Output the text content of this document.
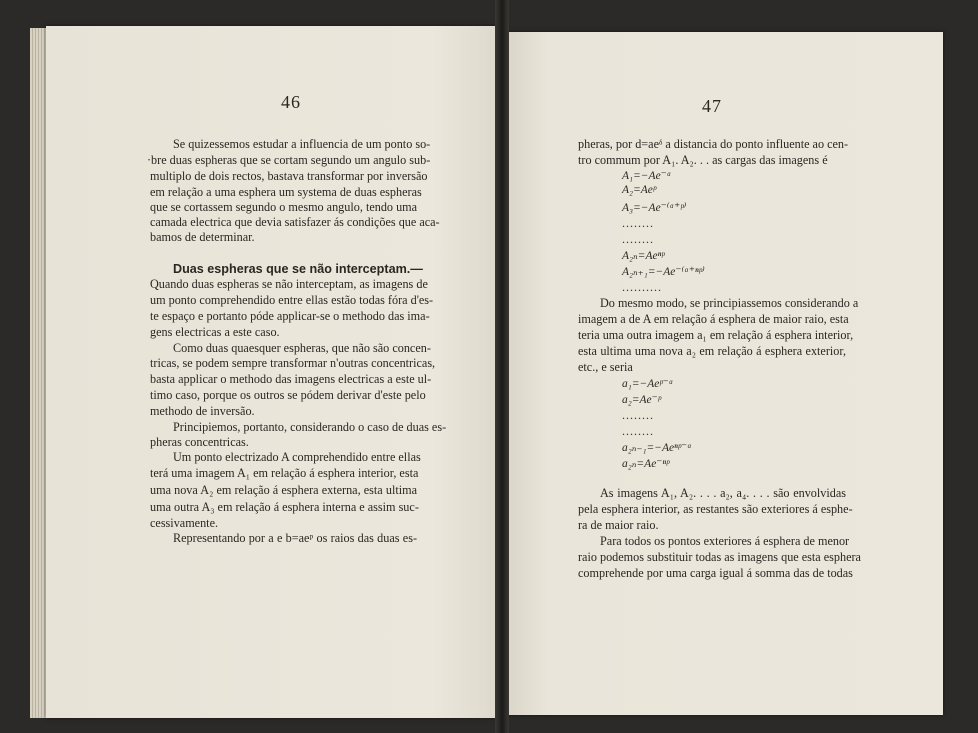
46
Se quizessemos estudar a influencia de um ponto so-
·bre duas espheras que se cortam segundo um angulo sub-
multiplo de dois rectos, bastava transformar por inversão
em relação a uma esphera um systema de duas espheras
que se cortassem segundo o mesmo angulo, tendo uma
camada electrica que devia satisfazer ás condições que aca-
bamos de determinar.
Duas espheras que se não interceptam.—
Quando duas espheras se não interceptam, as imagens de
um ponto comprehendido entre ellas estão todas fóra d'es-
te espaço e portanto póde applicar-se o methodo das ima-
gens electricas a este caso.
Como duas quaesquer espheras, que não são concen-
tricas, se podem sempre transformar n'outras concentricas,
basta applicar o methodo das imagens electricas a este ul-
timo caso, porque os outros se pódem derivar d'este pelo
methodo de inversão.
Principiemos, portanto, considerando o caso de duas es-
pheras concentricas.
Um ponto electrizado A comprehendido entre ellas
terá uma imagem A₁ em relação á esphera interior, esta
uma nova A₂ em relação á esphera externa, esta ultima
uma outra A₃ em relação á esphera interna e assim suc-
cessivamente.
Representando por a e b=aeᵖ os raios das duas es-
47
pheras, por d=aeᵟ a distancia do ponto influente ao cen-
tro commum por A₁. A₂. . . as cargas das imagens é
A₁=−Ae⁻ᵅ
A₂=Aeᵖ
A₃=−Ae⁻⁽ᵅ⁺ᵖ⁾
........
........
A₂ₙ=Aeⁿᵖ
A₂ₙ₊₁=−Ae⁻⁽ᵅ⁺ⁿᵖ⁾
..........
Do mesmo modo, se principiassemos considerando a
imagem a de A em relação á esphera de maior raio, esta
teria uma outra imagem a₁ em relação á esphera interior,
esta ultima uma nova a₂ em relação á esphera exterior,
etc., e seria
a₁=−Aeᵖ⁻ᵅ
a₂=Ae⁻ᵖ
........
........
a₂ₙ₋₁=−Aeⁿᵖ⁻ᵅ
a₂ₙ=Ae⁻ⁿᵖ
As imagens A₁, A₂. . . . a₂, a₄. . . . são envolvidas
pela esphera interior, as restantes são exteriores á esphe-
ra de maior raio.
Para todos os pontos exteriores á esphera de menor
raio podemos substituir todas as imagens que esta esphera
comprehende por uma carga igual á somma das de todas
